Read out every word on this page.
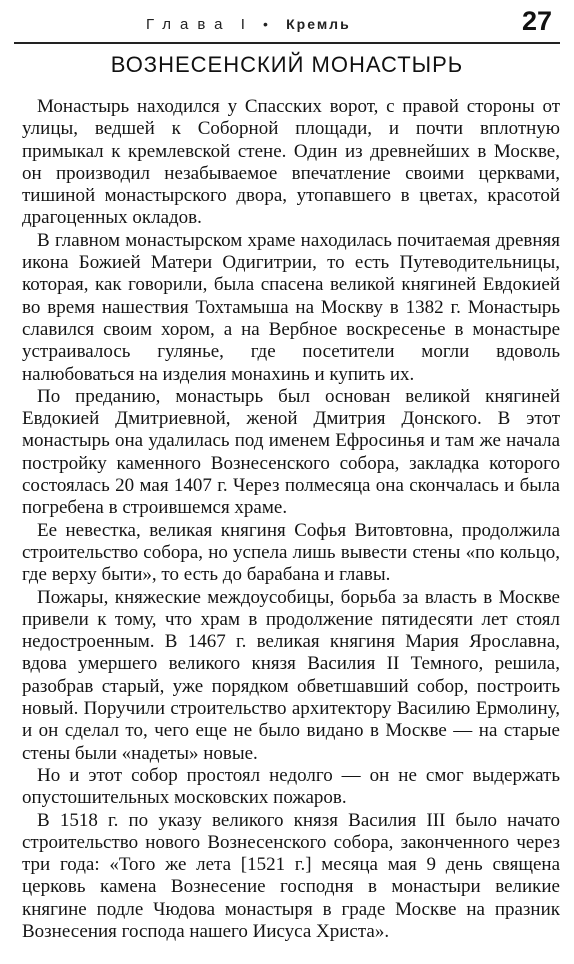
Глава I • Кремль	27
ВОЗНЕСЕНСКИЙ МОНАСТЫРЬ

Монастырь находился у Спасских ворот, с правой стороны от улицы, ведшей к Соборной площади, и почти вплотную примыкал к кремлевской стене. Один из древнейших в Москве, он производил незабываемое впечатление своими церквами, тишиной монастырского двора, утопавшего в цветах, красотой драгоценных окладов.

В главном монастырском храме находилась почитаемая древняя икона Божией Матери Одигитрии, то есть Путеводительницы, которая, как говорили, была спасена великой княгиней Евдокией во время нашествия Тохтамыша на Москву в 1382 г. Монастырь славился своим хором, а на Вербное воскресенье в монастыре устраивалось гулянье, где посетители могли вдоволь налюбоваться на изделия монахинь и купить их.

По преданию, монастырь был основан великой княгиней Евдокией Дмитриевной, женой Дмитрия Донского. В этот монастырь она удалилась под именем Ефросинья и там же начала постройку каменного Вознесенского собора, закладка которого состоялась 20 мая 1407 г. Через полмесяца она скончалась и была погребена в строившемся храме.

Ее невестка, великая княгиня Софья Витовтовна, продолжила строительство собора, но успела лишь вывести стены «по кольцо, где верху быти», то есть до барабана и главы.

Пожары, княжеские междоусобицы, борьба за власть в Москве привели к тому, что храм в продолжение пятидесяти лет стоял недостроенным. В 1467 г. великая княгиня Мария Ярославна, вдова умершего великого князя Василия II Темного, решила, разобрав старый, уже порядком обветшавший собор, построить новый. Поручили строительство архитектору Василию Ермолину, и он сделал то, чего еще не было видано в Москве — на старые стены были «надеты» новые.

Но и этот собор простоял недолго — он не смог выдержать опустошительных московских пожаров.

В 1518 г. по указу великого князя Василия III было начато строительство нового Вознесенского собора, законченного через три года: «Того же лета [1521 г.] месяца мая 9 день священа церковь камена Вознесение господня в монастыри великие княгине подле Чюдова монастыря в граде Москве на празник Вознесения господа нашего Иисуса Христа».
